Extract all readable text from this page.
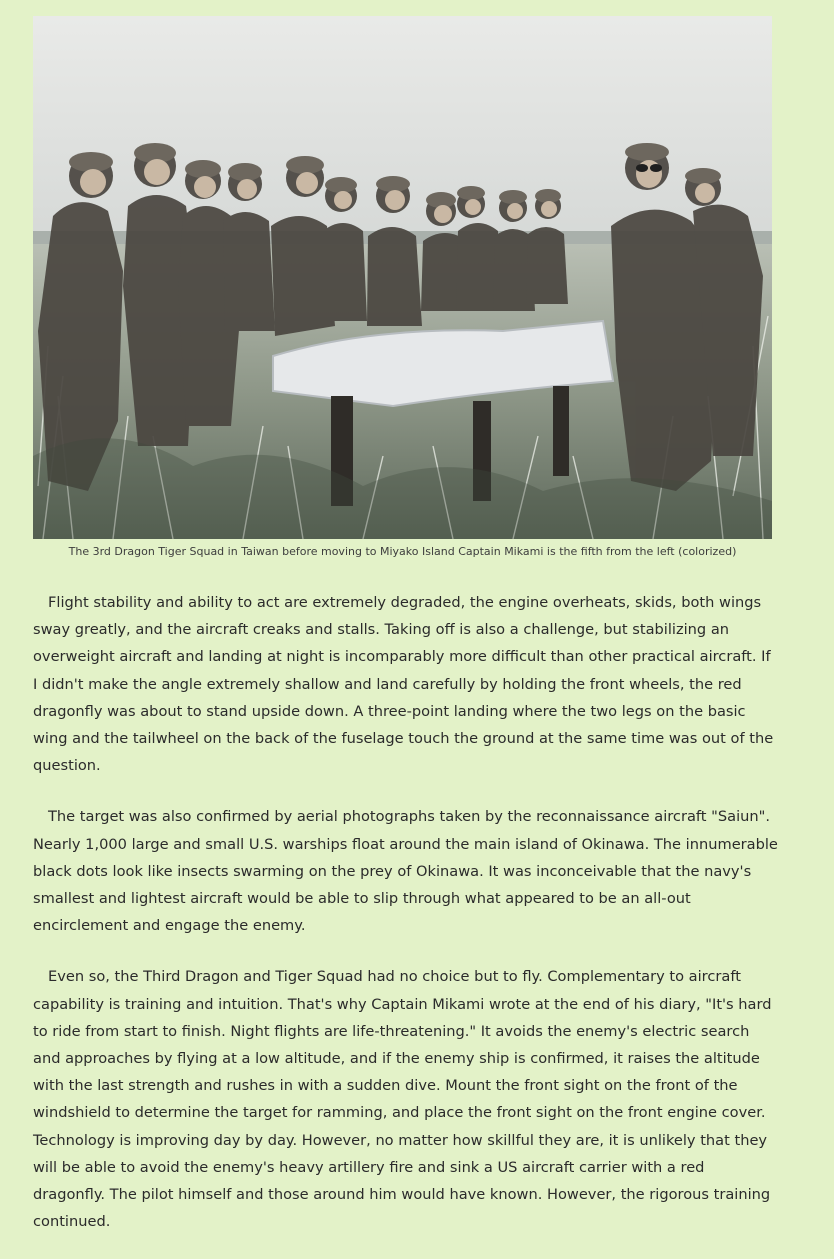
The 3rd Dragon Tiger Squad in Taiwan before moving to Miyako Island Captain Mikami is the fifth from the left (colorized)

Flight stability and ability to act are extremely degraded, the engine overheats, skids, both wings sway greatly, and the aircraft creaks and stalls. Taking off is also a challenge, but stabilizing an overweight aircraft and landing at night is incomparably more difficult than other practical aircraft. If I didn't make the angle extremely shallow and land carefully by holding the front wheels, the red dragonfly was about to stand upside down. A three-point landing where the two legs on the basic wing and the tailwheel on the back of the fuselage touch the ground at the same time was out of the question.

The target was also confirmed by aerial photographs taken by the reconnaissance aircraft "Saiun". Nearly 1,000 large and small U.S. warships float around the main island of Okinawa. The innumerable black dots look like insects swarming on the prey of Okinawa. It was inconceivable that the navy's smallest and lightest aircraft would be able to slip through what appeared to be an all-out encirclement and engage the enemy.

Even so, the Third Dragon and Tiger Squad had no choice but to fly. Complementary to aircraft capability is training and intuition. That's why Captain Mikami wrote at the end of his diary, "It's hard to ride from start to finish. Night flights are life-threatening." It avoids the enemy's electric search and approaches by flying at a low altitude, and if the enemy ship is confirmed, it raises the altitude with the last strength and rushes in with a sudden dive. Mount the front sight on the front of the windshield to determine the target for ramming, and place the front sight on the front engine cover. Technology is improving day by day. However, no matter how skillful they are, it is unlikely that they will be able to avoid the enemy's heavy artillery fire and sink a US aircraft carrier with a red dragonfly. The pilot himself and those around him would have known. However, the rigorous training continued.
